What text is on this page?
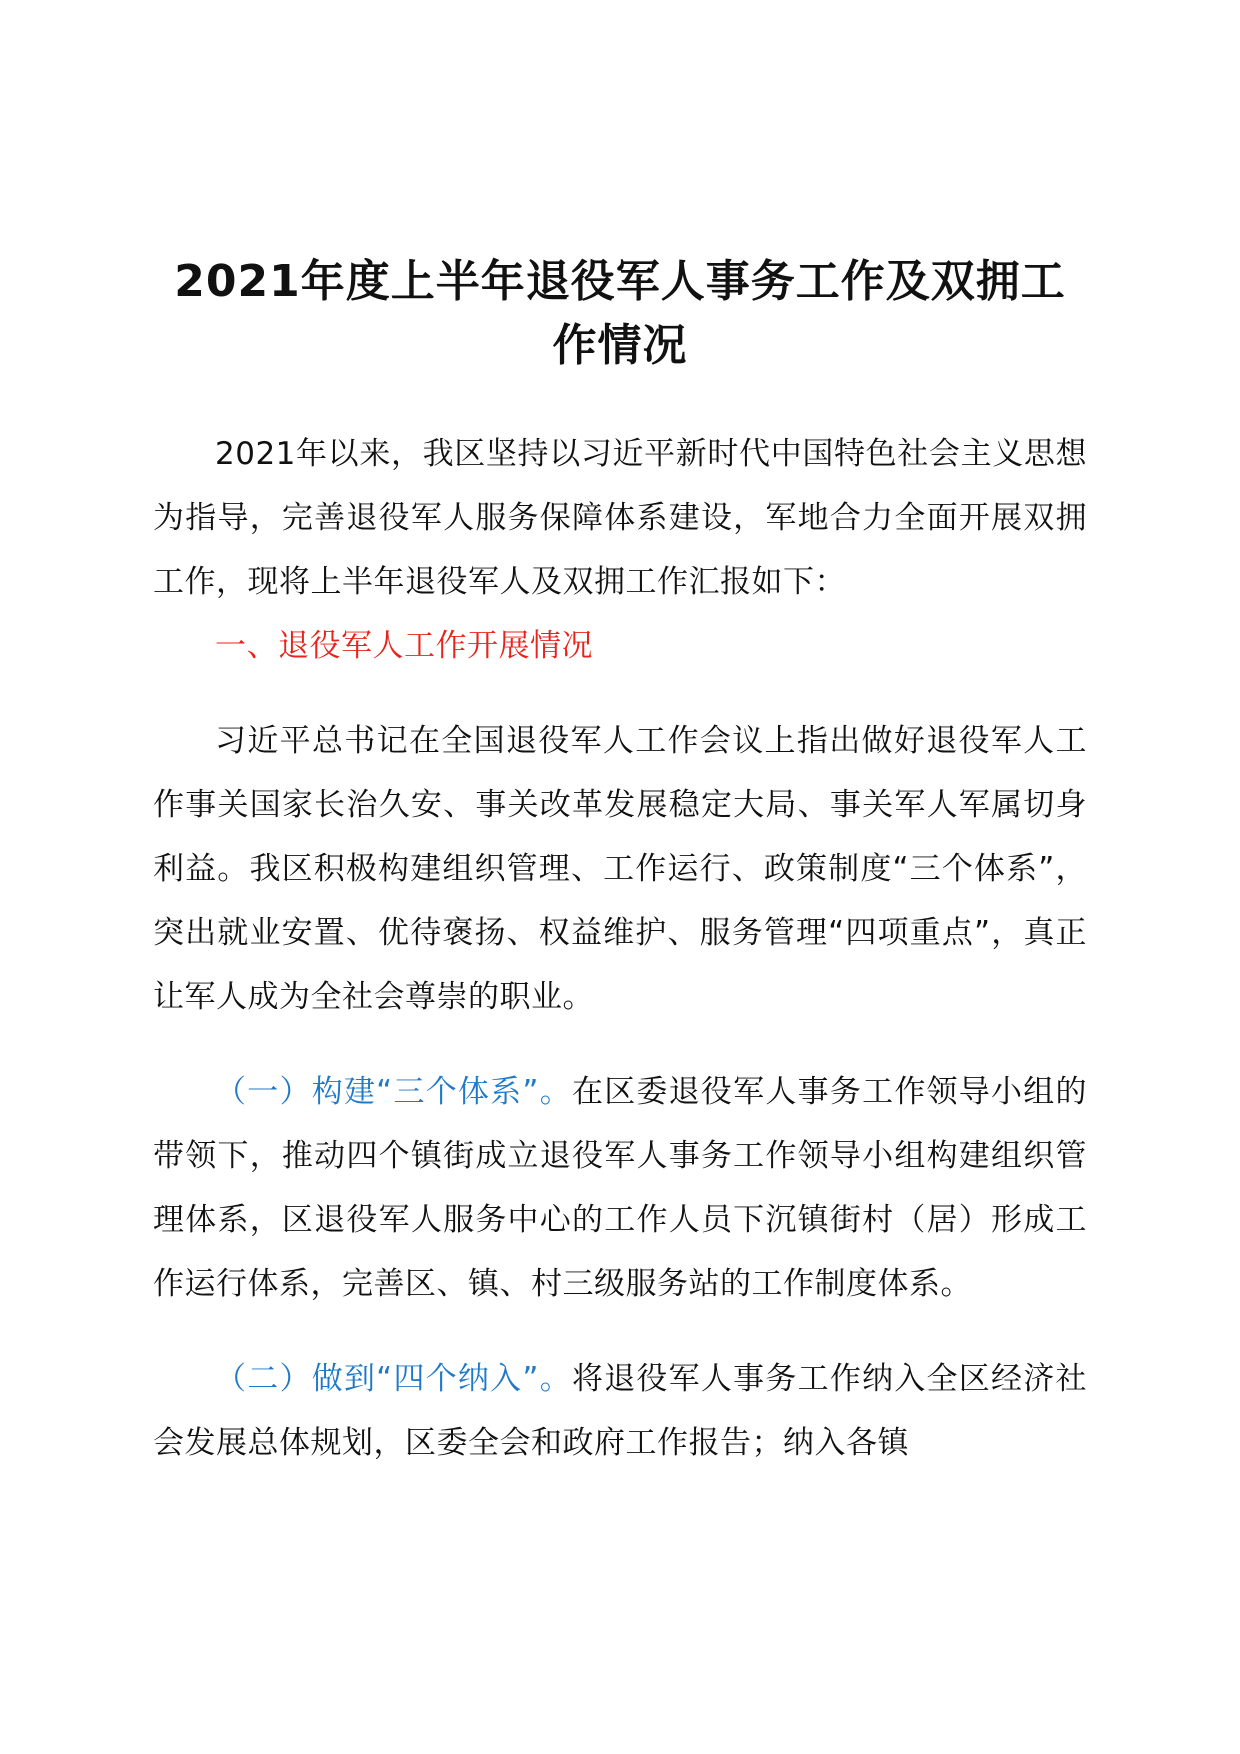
2021年度上半年退役军人事务工作及双拥工作情况

2021年以来，我区坚持以习近平新时代中国特色社会主义思想为指导，完善退役军人服务保障体系建设，军地合力全面开展双拥工作，现将上半年退役军人及双拥工作汇报如下：

一、退役军人工作开展情况

习近平总书记在全国退役军人工作会议上指出做好退役军人工作事关国家长治久安、事关改革发展稳定大局、事关军人军属切身利益。我区积极构建组织管理、工作运行、政策制度“三个体系”，突出就业安置、优待褒扬、权益维护、服务管理“四项重点”，真正让军人成为全社会尊崇的职业。

（一）构建“三个体系”。在区委退役军人事务工作领导小组的带领下，推动四个镇街成立退役军人事务工作领导小组构建组织管理体系，区退役军人服务中心的工作人员下沉镇街村（居）形成工作运行体系，完善区、镇、村三级服务站的工作制度体系。

（二）做到“四个纳入”。将退役军人事务工作纳入全区经济社会发展总体规划，区委全会和政府工作报告；纳入各镇
